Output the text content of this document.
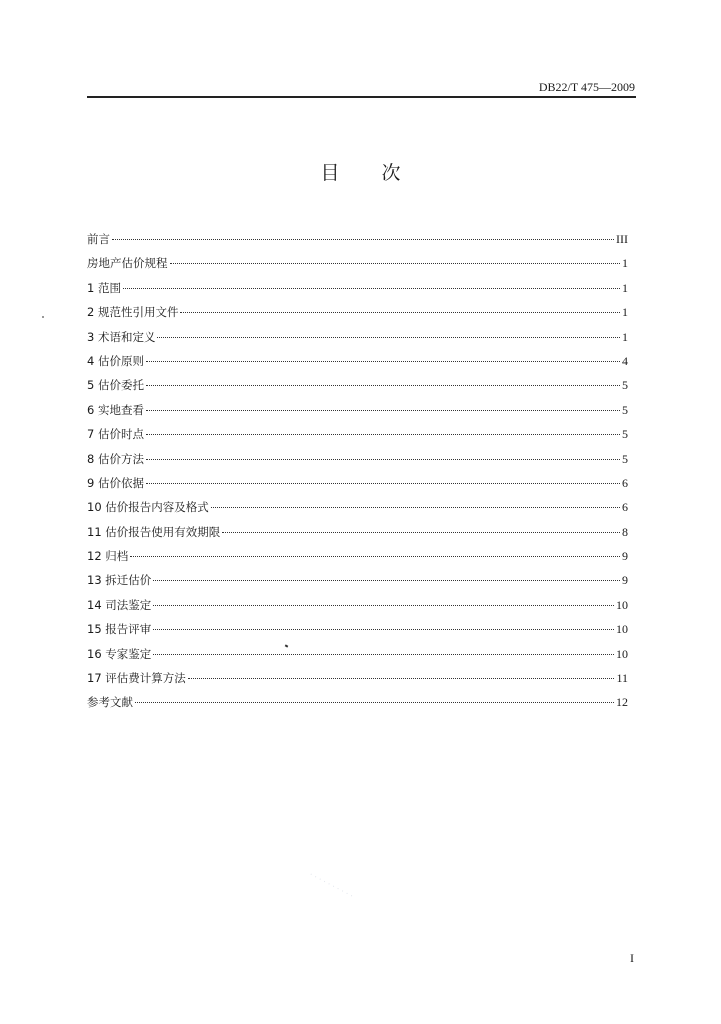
DB22/T 475—2009
目 次
前言	III
房地产估价规程	1
1 范围	1
2 规范性引用文件	1
3 术语和定义	1
4 估价原则	4
5 估价委托	5
6 实地查看	5
7 估价时点	5
8 估价方法	5
9 估价依据	6
10 估价报告内容及格式	6
11 估价报告使用有效期限	8
12 归档	9
13 拆迁估价	9
14 司法鉴定	10
15 报告评审	10
16 专家鉴定	10
17 评估费计算方法	11
参考文献	12
· · · · · · · · · ·
I
